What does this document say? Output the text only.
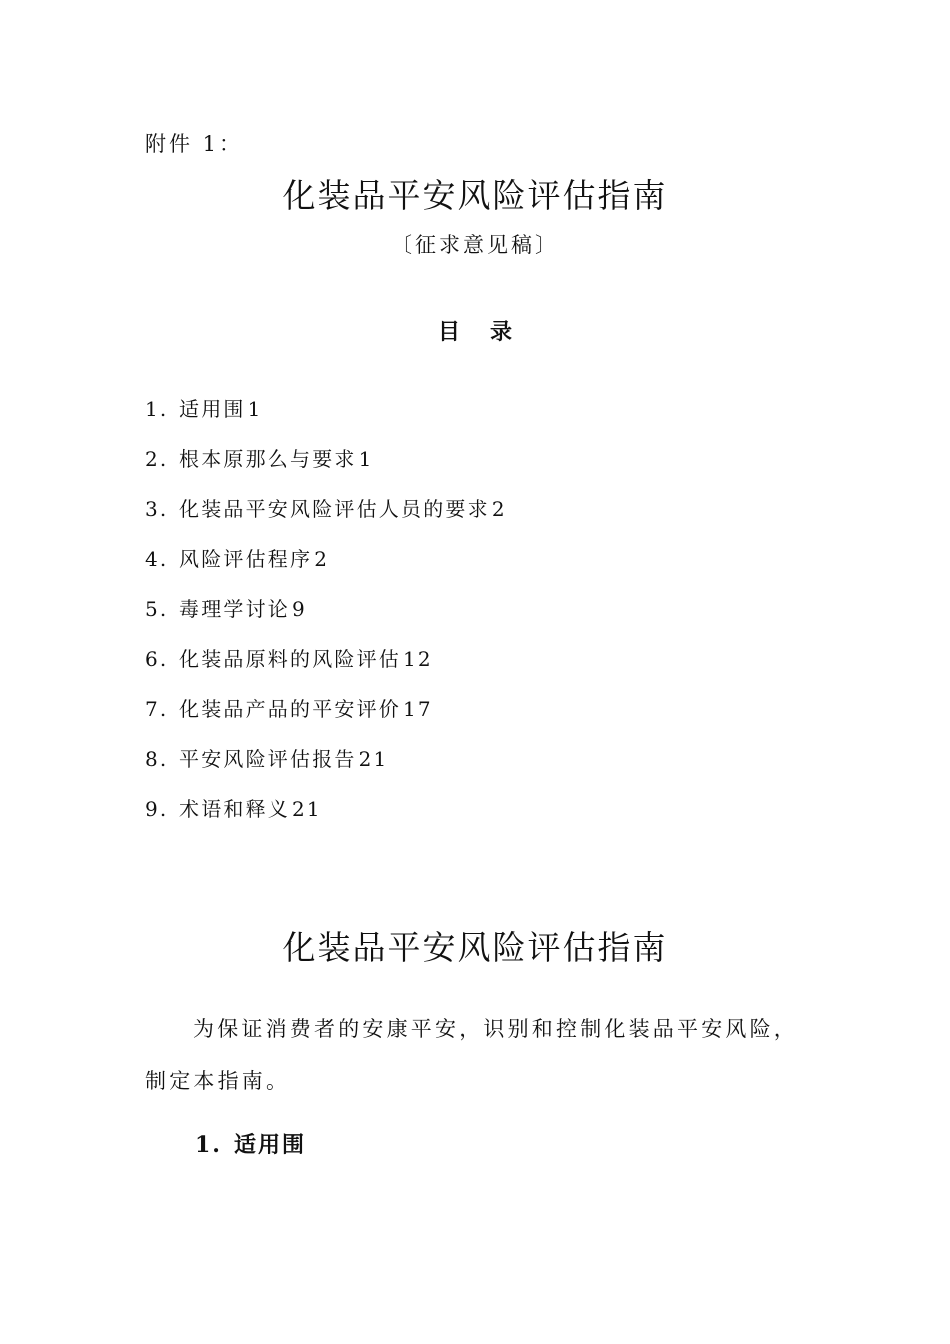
附件 1：
化装品平安风险评估指南
〔征求意见稿〕
目录
1. 适用围 1
2. 根本原那么与要求 1
3. 化装品平安风险评估人员的要求 2
4. 风险评估程序 2
5. 毒理学讨论 9
6. 化装品原料的风险评估 12
7. 化装品产品的平安评价 17
8. 平安风险评估报告 21
9. 术语和释义 21
化装品平安风险评估指南

为保证消费者的安康平安，识别和控制化装品平安风险，制定本指南。

1. 适用围
